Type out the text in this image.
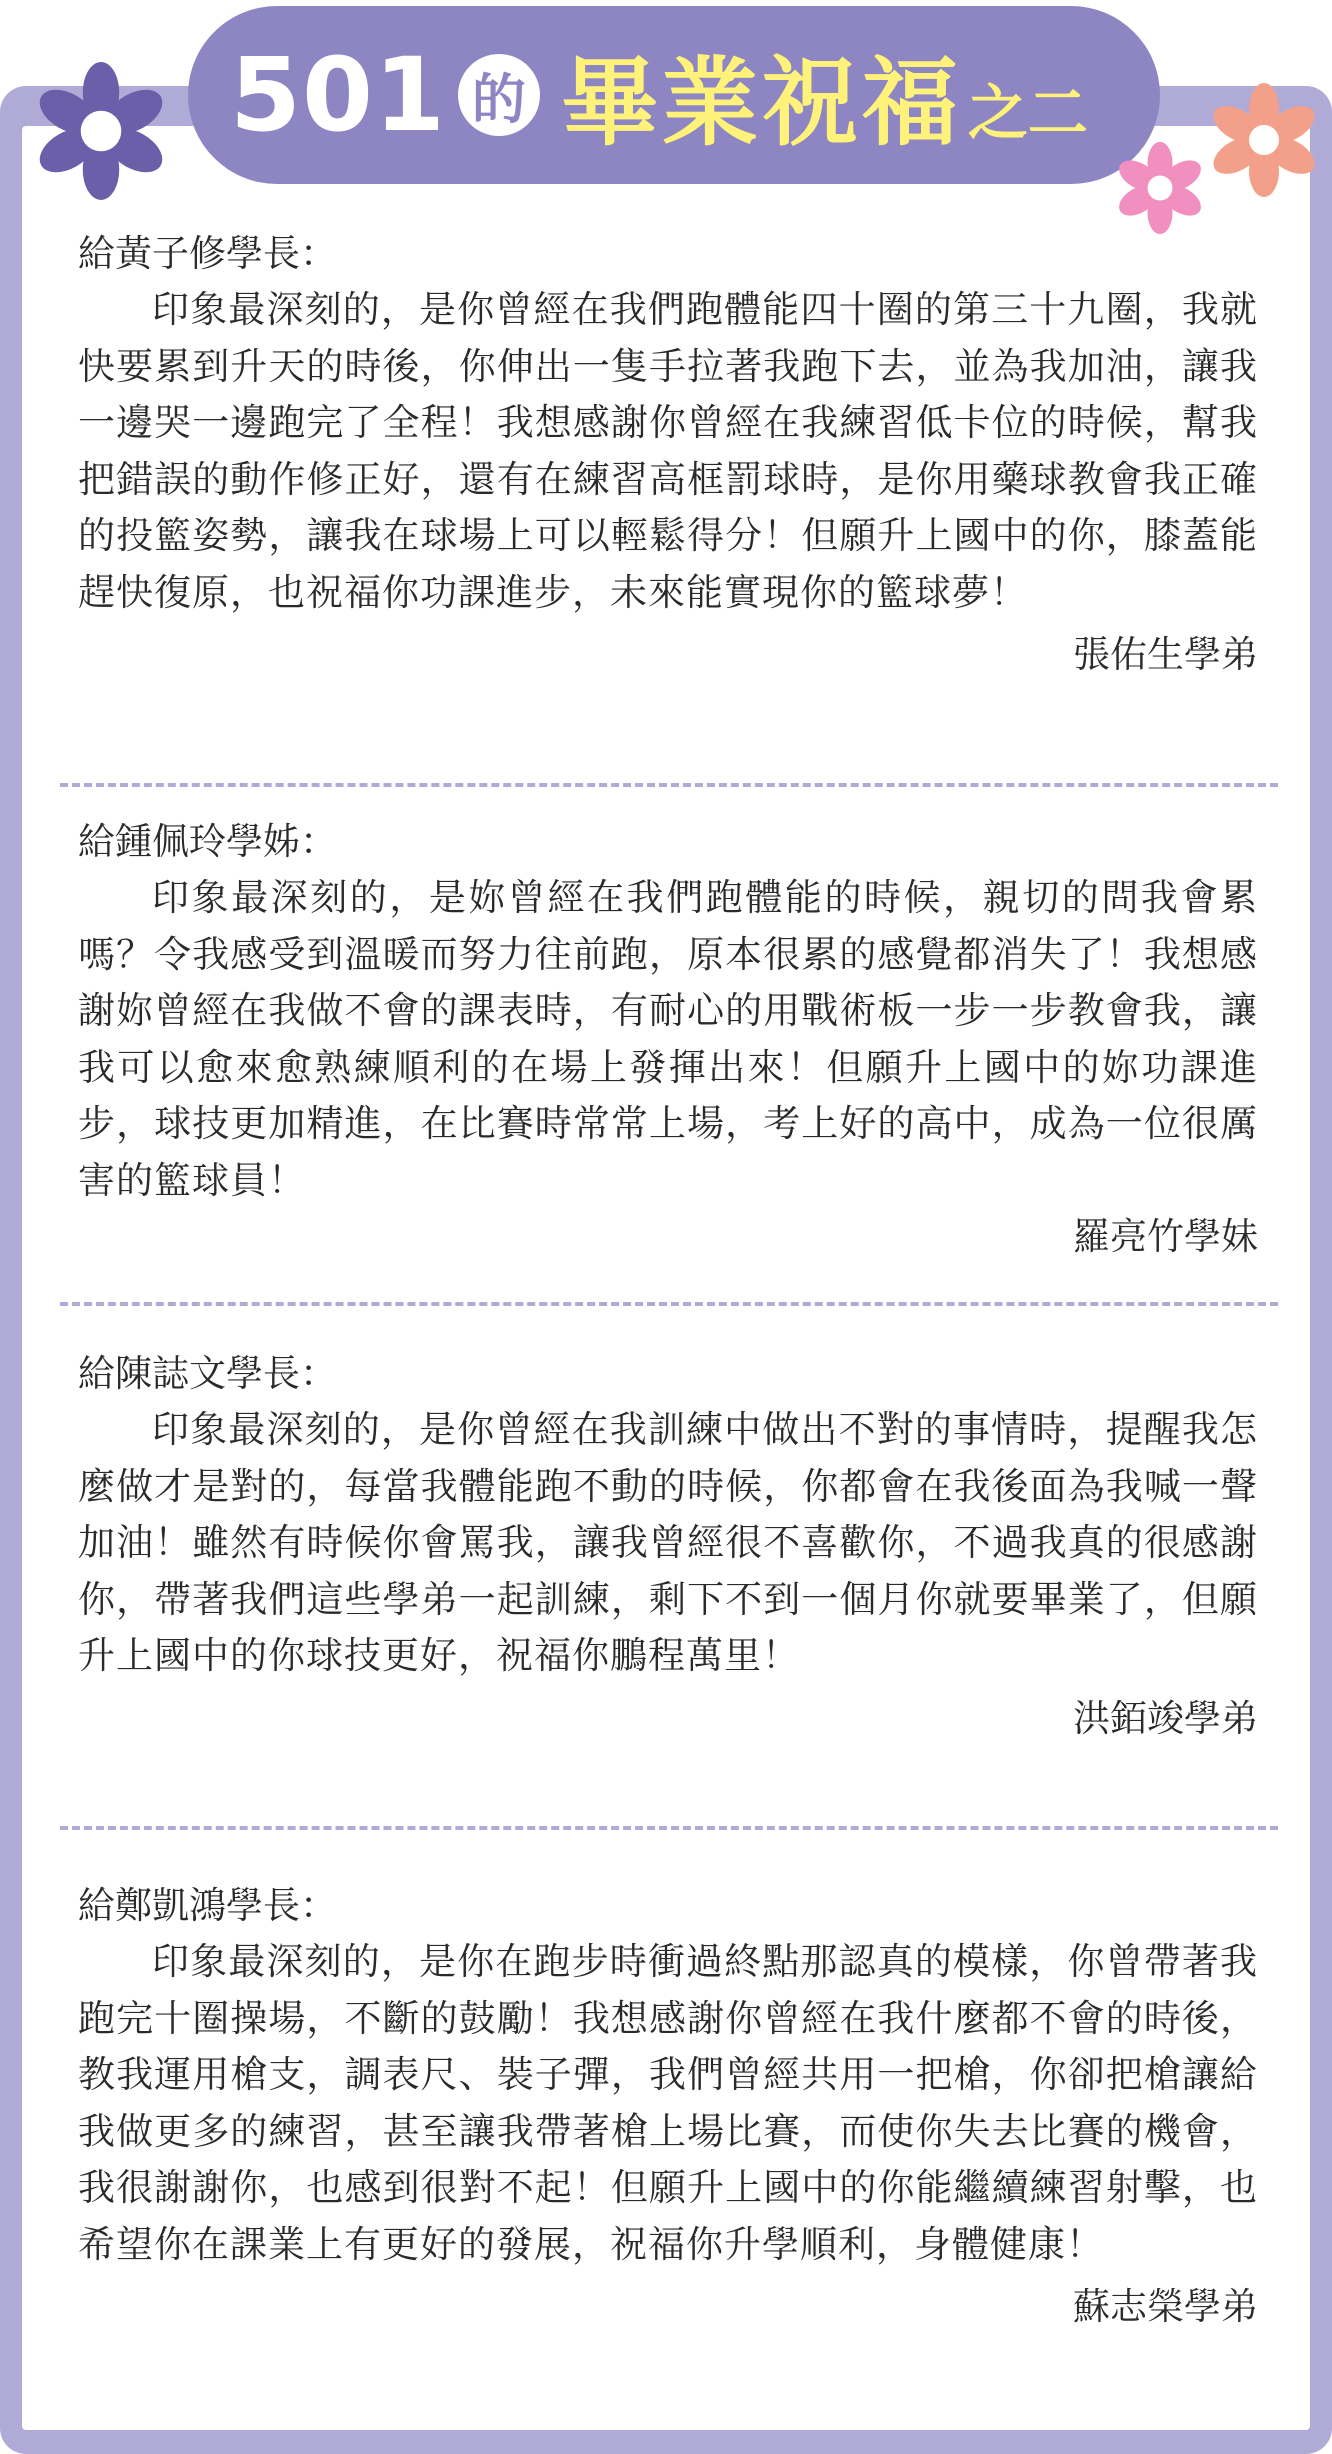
501 的 畢業祝福 之二
給黃子修學長：
印象最深刻的，是你曾經在我們跑體能四十圈的第三十九圈，我就快要累到升天的時後，你伸出一隻手拉著我跑下去，並為我加油，讓我一邊哭一邊跑完了全程！我想感謝你曾經在我練習低卡位的時候，幫我把錯誤的動作修正好，還有在練習高框罰球時，是你用藥球教會我正確的投籃姿勢，讓我在球場上可以輕鬆得分！但願升上國中的你，膝蓋能趕快復原，也祝福你功課進步，未來能實現你的籃球夢！
張佑生學弟
給鍾佩玲學姊：
印象最深刻的，是妳曾經在我們跑體能的時候，親切的問我會累嗎？令我感受到溫暖而努力往前跑，原本很累的感覺都消失了！我想感謝妳曾經在我做不會的課表時，有耐心的用戰術板一步一步教會我，讓我可以愈來愈熟練順利的在場上發揮出來！但願升上國中的妳功課進步，球技更加精進，在比賽時常常上場，考上好的高中，成為一位很厲害的籃球員！
羅亮竹學妹
給陳誌文學長：
印象最深刻的，是你曾經在我訓練中做出不對的事情時，提醒我怎麼做才是對的，每當我體能跑不動的時候，你都會在我後面為我喊一聲加油！雖然有時候你會罵我，讓我曾經很不喜歡你，不過我真的很感謝你，帶著我們這些學弟一起訓練，剩下不到一個月你就要畢業了，但願升上國中的你球技更好，祝福你鵬程萬里！
洪銆竣學弟
給鄭凱鴻學長：
印象最深刻的，是你在跑步時衝過終點那認真的模樣，你曾帶著我跑完十圈操場，不斷的鼓勵！我想感謝你曾經在我什麼都不會的時後，教我運用槍支，調表尺、裝子彈，我們曾經共用一把槍，你卻把槍讓給我做更多的練習，甚至讓我帶著槍上場比賽，而使你失去比賽的機會，我很謝謝你，也感到很對不起！但願升上國中的你能繼續練習射擊，也希望你在課業上有更好的發展，祝福你升學順利，身體健康！
蘇志榮學弟
